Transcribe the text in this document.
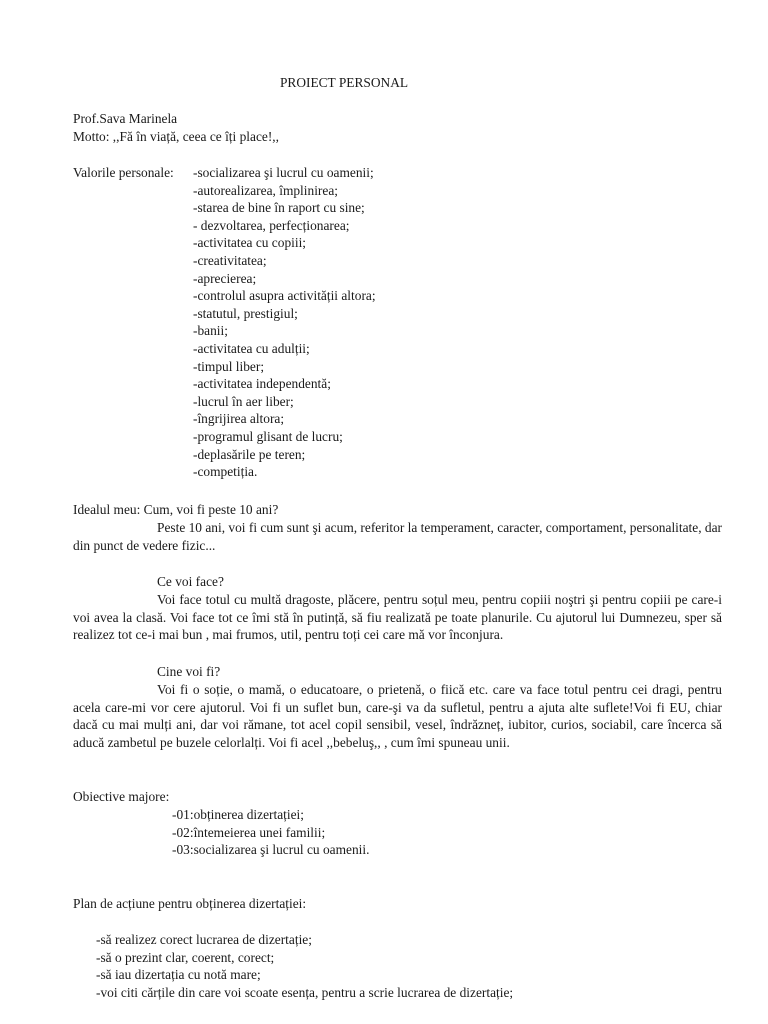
PROIECT PERSONAL
Prof.Sava Marinela
Motto: ,,Fă în viață, ceea ce îți place!,,
Valorile personale: -socializarea şi lucrul cu oamenii;
-autorealizarea, împlinirea;
-starea de bine în raport cu sine;
- dezvoltarea, perfecționarea;
-activitatea cu copiii;
-creativitatea;
-aprecierea;
-controlul asupra activității altora;
-statutul, prestigiul;
-banii;
-activitatea cu adulții;
-timpul liber;
-activitatea independentă;
-lucrul în aer liber;
-îngrijirea altora;
-programul glisant de lucru;
-deplasările pe teren;
-competiția.
Idealul meu: Cum, voi fi peste 10 ani?
Peste 10 ani, voi fi cum sunt şi acum, referitor la temperament, caracter, comportament, personalitate, dar din punct de vedere fizic...
Ce voi face?
Voi face totul cu multă dragoste, plăcere, pentru soțul meu, pentru copiii noştri şi pentru copiii pe care-i voi avea la clasă. Voi face tot ce îmi stă în putință, să fiu realizată pe toate planurile. Cu ajutorul lui Dumnezeu, sper să realizez tot ce-i mai bun , mai frumos, util, pentru toți cei care mă vor înconjura.
Cine voi fi?
Voi fi o soție, o mamă, o educatoare, o prietenă, o fiică etc. care va face totul pentru cei dragi, pentru acela care-mi vor cere ajutorul. Voi fi un suflet bun, care-şi va da sufletul, pentru a ajuta alte suflete!Voi fi EU, chiar dacă cu mai mulți ani, dar voi rămane, tot acel copil sensibil, vesel, îndrăzneț, iubitor, curios, sociabil, care încerca să aducă zambetul pe buzele celorlalți. Voi fi acel ,,bebeluş,, , cum îmi spuneau unii.
Obiective majore:
-01:obținerea dizertației;
-02:întemeierea unei familii;
-03:socializarea şi lucrul cu oamenii.
Plan de acțiune pentru obținerea dizertației:
-să realizez corect lucrarea de dizertație;
-să o prezint clar, coerent, corect;
-să iau dizertația cu notă mare;
-voi citi cărțile din care voi scoate esența, pentru a scrie lucrarea de dizertație;
